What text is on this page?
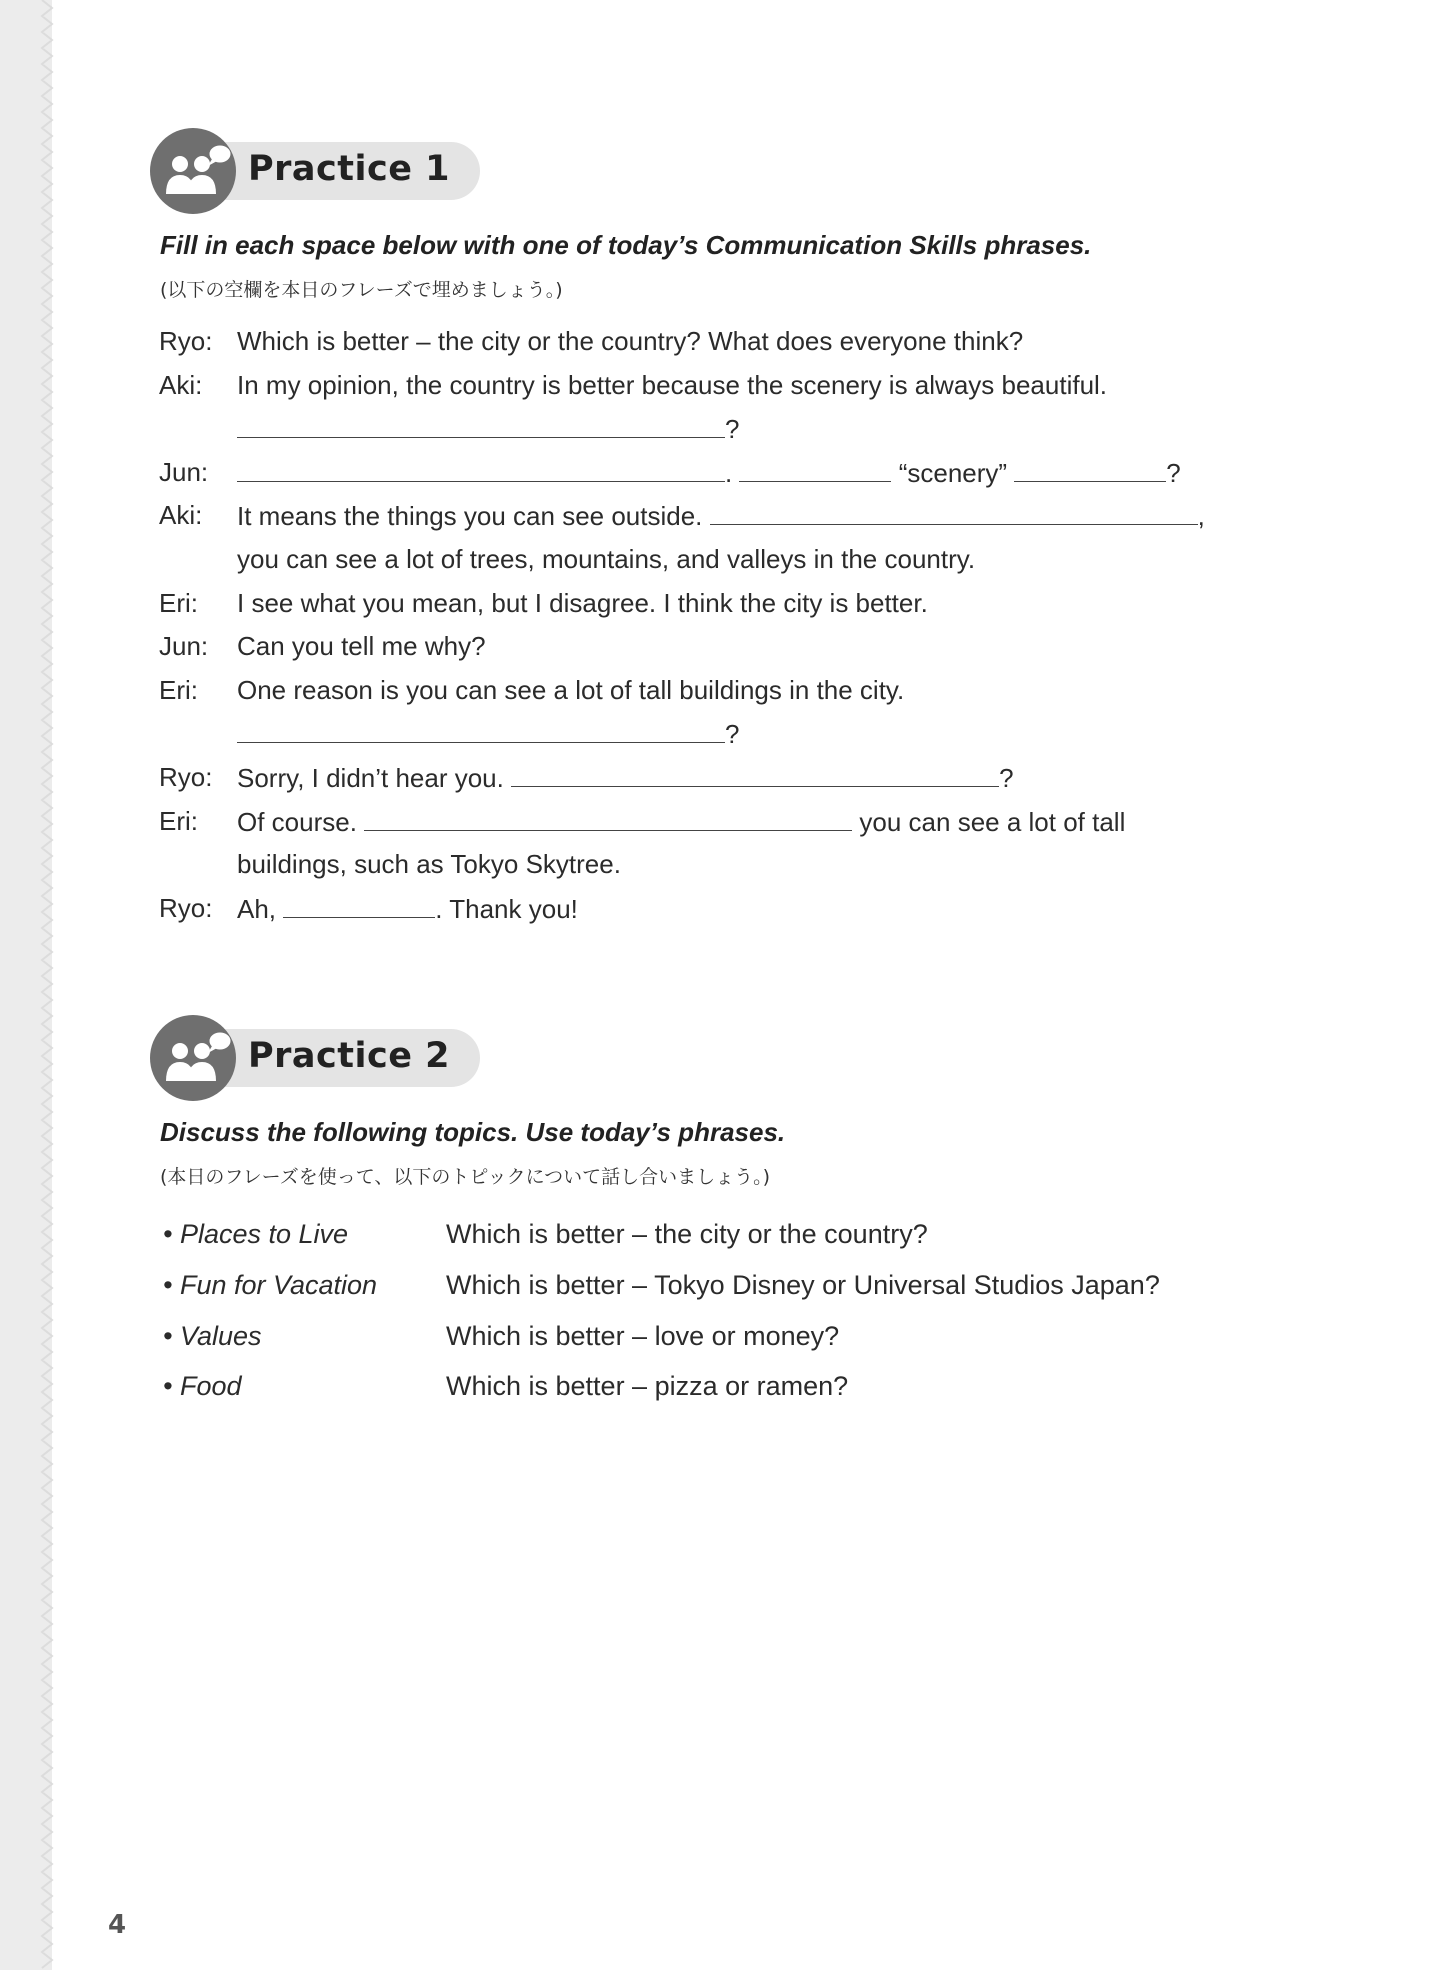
Practice 1
Fill in each space below with one of today’s Communication Skills phrases.
(以下の空欄を本日のフレーズで埋めましょう。)
Ryo: Which is better – the city or the country? What does everyone think?
Aki: In my opinion, the country is better because the scenery is always beautiful.
?
Jun:	.	“scenery”	?
Aki: It means the things you can see outside.	,
you can see a lot of trees, mountains, and valleys in the country.
Eri: I see what you mean, but I disagree. I think the city is better.
Jun: Can you tell me why?
Eri: One reason is you can see a lot of tall buildings in the city.
?
Ryo: Sorry, I didn’t hear you.	?
Eri: Of course.	you can see a lot of tall
buildings, such as Tokyo Skytree.
Ryo: Ah,	. Thank you!
Practice 2
Discuss the following topics. Use today’s phrases.
(本日のフレーズを使って、以下のトピックについて話し合いましょう。)
• Places to Live	Which is better – the city or the country?
• Fun for Vacation	Which is better – Tokyo Disney or Universal Studios Japan?
• Values	Which is better – love or money?
• Food	Which is better – pizza or ramen?
4
